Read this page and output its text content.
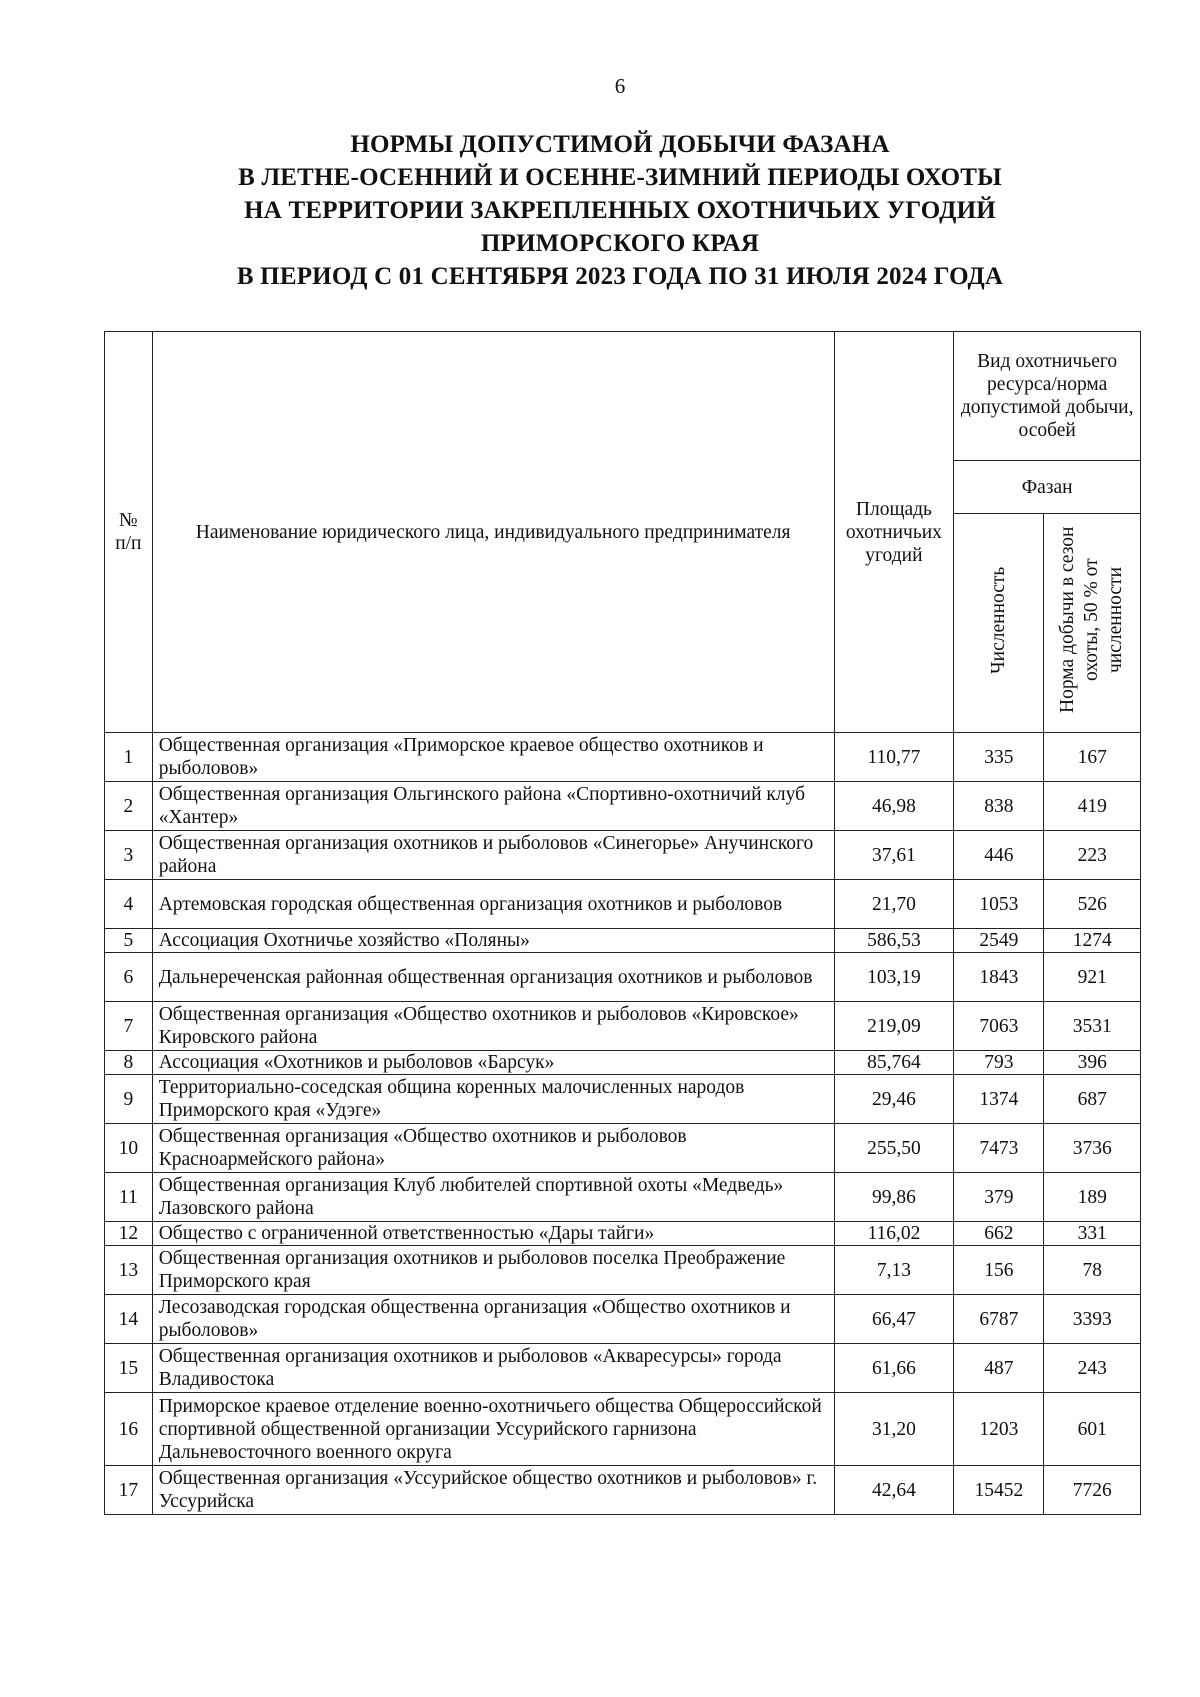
6
НОРМЫ ДОПУСТИМОЙ ДОБЫЧИ ФАЗАНА
В ЛЕТНЕ-ОСЕННИЙ И ОСЕННЕ-ЗИМНИЙ ПЕРИОДЫ ОХОТЫ
НА ТЕРРИТОРИИ ЗАКРЕПЛЕННЫХ ОХОТНИЧЬИХ УГОДИЙ
ПРИМОРСКОГО КРАЯ
В ПЕРИОД С 01 СЕНТЯБРЯ 2023 ГОДА ПО 31 ИЮЛЯ 2024 ГОДА
№ п/п	Наименование юридического лица, индивидуального предпринимателя	Площадь охотничьих угодий	Вид охотничьего ресурса/норма допустимой добычи, особей	
			Фазан	

			Численность	Норма добычи в сезон охоты, 50 % от численности

1	Общественная организация «Приморское краевое общество охотников и рыболовов»	110,77	335	167
2	Общественная организация Ольгинского района «Спортивно-охотничий клуб «Хантер»	46,98	838	419
3	Общественная организация охотников и рыболовов «Синегорье» Анучинского района	37,61	446	223
4	Артемовская городская общественная организация охотников и рыболовов	21,70	1053	526
5	Ассоциация Охотничье хозяйство «Поляны»	586,53	2549	1274
6	Дальнереченская районная общественная организация охотников и рыболовов	103,19	1843	921
7	Общественная организация «Общество охотников и рыболовов «Кировское» Кировского района	219,09	7063	3531
8	Ассоциация «Охотников и рыболовов «Барсук»	85,764	793	396
9	Территориально-соседская община коренных малочисленных народов Приморского края «Удэге»	29,46	1374	687
10	Общественная организация «Общество охотников и рыболовов Красноармейского района»	255,50	7473	3736
11	Общественная организация Клуб любителей спортивной охоты «Медведь» Лазовского района	99,86	379	189
12	Общество с ограниченной ответственностью «Дары тайги»	116,02	662	331
13	Общественная организация охотников и рыболовов поселка Преображение Приморского края	7,13	156	78
14	Лесозаводская городская общественна организация «Общество охотников и рыболовов»	66,47	6787	3393
15	Общественная организация охотников и рыболовов «Акваресурсы» города Владивостока	61,66	487	243
16	Приморское краевое отделение военно-охотничьего общества Общероссийской спортивной общественной организации Уссурийского гарнизона Дальневосточного военного округа	31,20	1203	601
17	Общественная организация «Уссурийское общество охотников и рыболовов» г. Уссурийска	42,64	15452	7726
